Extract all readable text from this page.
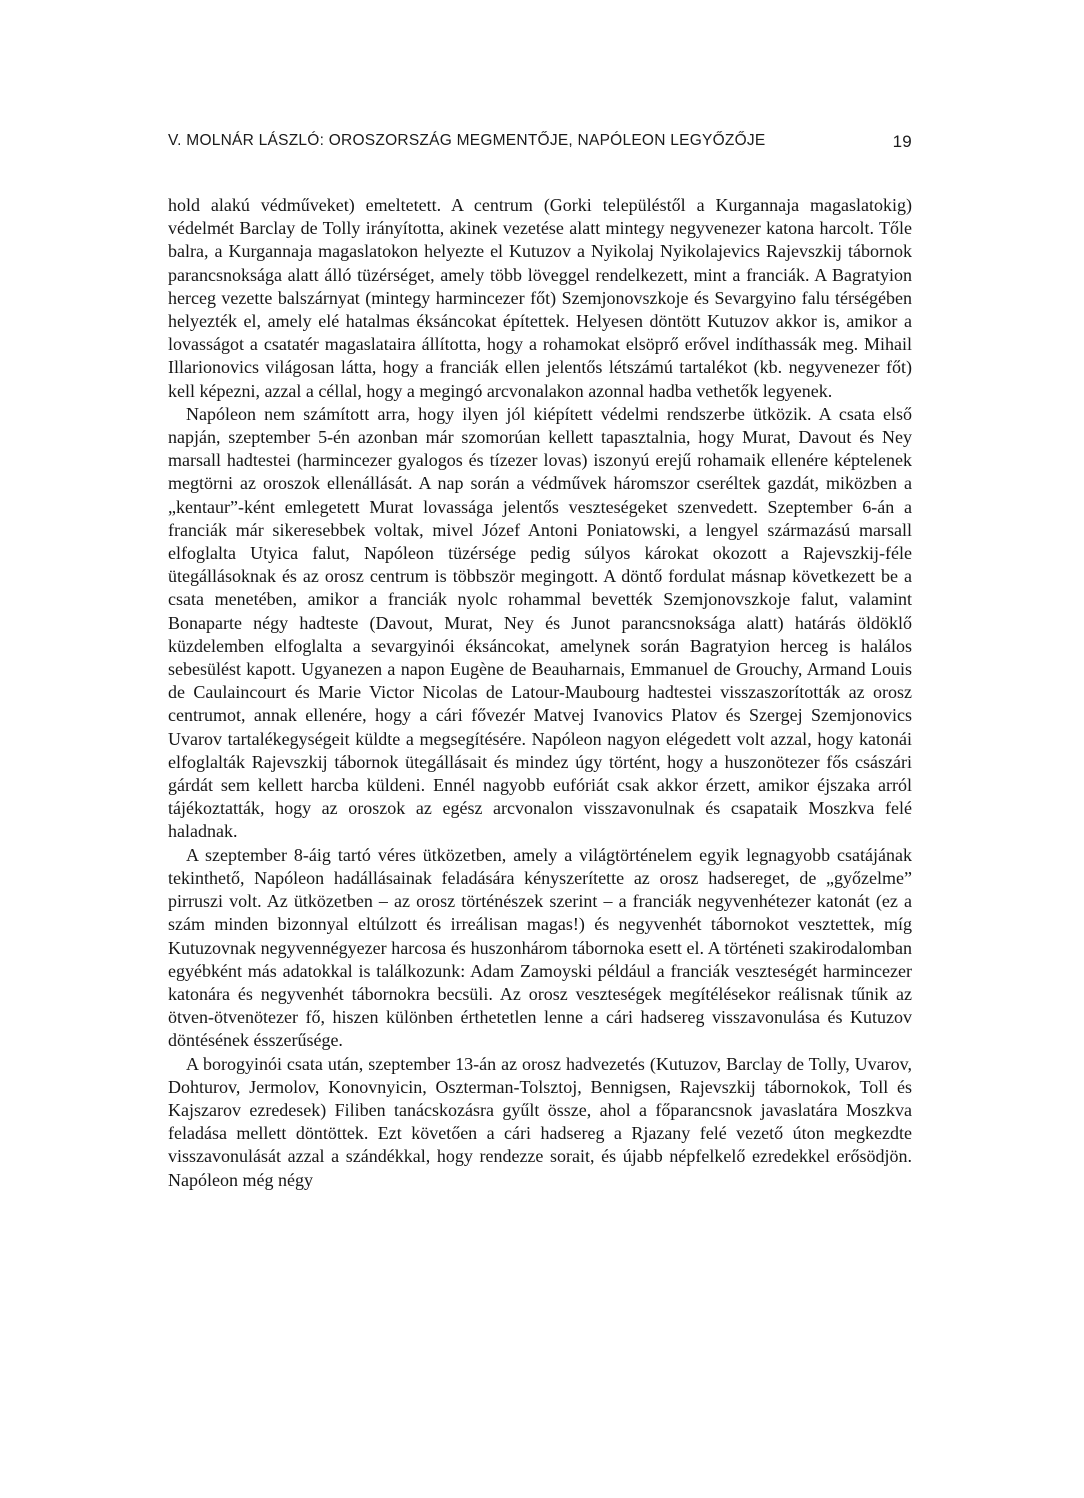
V. MOLNÁR LÁSZLÓ: OROSZORSZÁG MEGMENTŐJE, NAPÓLEON LEGYŐZŐJE	19

hold alakú védműveket) emeltetett. A centrum (Gorki településtől a Kurgannaja magaslatokig) védelmét Barclay de Tolly irányította, akinek vezetése alatt mintegy negyvenezer katona harcolt. Tőle balra, a Kurgannaja magaslatokon helyezte el Kutuzov a Nyikolaj Nyikolajevics Rajevszkij tábornok parancsnoksága alatt álló tüzérséget, amely több löveggel rendelkezett, mint a franciák. A Bagratyion herceg vezette balszárnyat (mintegy harmincezer főt) Szemjonovszkoje és Sevargyino falu térségében helyezték el, amely elé hatalmas éksáncokat építettek. Helyesen döntött Kutuzov akkor is, amikor a lovasságot a csatatér magaslataira állította, hogy a rohamokat elsöprő erővel indíthassák meg. Mihail Illarionovics világosan látta, hogy a franciák ellen jelentős létszámú tartalékot (kb. negyvenezer főt) kell képezni, azzal a céllal, hogy a megingó arcvonalakon azonnal hadba vethetők legyenek.

Napóleon nem számított arra, hogy ilyen jól kiépített védelmi rendszerbe ütközik. A csata első napján, szeptember 5-én azonban már szomorúan kellett tapasztalnia, hogy Murat, Davout és Ney marsall hadtestei (harmincezer gyalogos és tízezer lovas) iszonyú erejű rohamaik ellenére képtelenek megtörni az oroszok ellenállását. A nap során a védművek háromszor cseréltek gazdát, miközben a „kentaur”-ként emlegetett Murat lovassága jelentős veszteségeket szenvedett. Szeptember 6-án a franciák már sikeresebbek voltak, mivel Józef Antoni Poniatowski, a lengyel származású marsall elfoglalta Utyica falut, Napóleon tüzérsége pedig súlyos károkat okozott a Rajevszkij-féle ütegállásoknak és az orosz centrum is többször megingott. A döntő fordulat másnap következett be a csata menetében, amikor a franciák nyolc rohammal bevették Szemjonovszkoje falut, valamint Bonaparte négy hadteste (Davout, Murat, Ney és Junot parancsnoksága alatt) határás öldöklő küzdelemben elfoglalta a sevargyinói éksáncokat, amelynek során Bagratyion herceg is halálos sebesülést kapott. Ugyanezen a napon Eugène de Beauharnais, Emmanuel de Grouchy, Armand Louis de Caulaincourt és Marie Victor Nicolas de Latour-Maubourg hadtestei visszaszorították az orosz centrumot, annak ellenére, hogy a cári fővezér Matvej Ivanovics Platov és Szergej Szemjonovics Uvarov tartalékegységeit küldte a megsegítésére. Napóleon nagyon elégedett volt azzal, hogy katonái elfoglalták Rajevszkij tábornok ütegállásait és mindez úgy történt, hogy a huszonötezer fős császári gárdát sem kellett harcba küldeni. Ennél nagyobb eufóriát csak akkor érzett, amikor éjszaka arról tájékoztatták, hogy az oroszok az egész arcvonalon visszavonulnak és csapataik Moszkva felé haladnak.

A szeptember 8-áig tartó véres ütközetben, amely a világtörténelem egyik legnagyobb csatájának tekinthető, Napóleon hadállásainak feladására kényszerítette az orosz hadsereget, de „győzelme” pirruszi volt. Az ütközetben – az orosz történészek szerint – a franciák negyvenhétezer katonát (ez a szám minden bizonnyal eltúlzott és irreálisan magas!) és negyvenhét tábornokot vesztettek, míg Kutuzovnak negyvennégyezer harcosa és huszonhárom tábornoka esett el. A történeti szakirodalomban egyébként más adatokkal is találkozunk: Adam Zamoyski például a franciák veszteségét harmincezer katonára és negyvenhét tábornokra becsüli. Az orosz veszteségek megítélésekor reálisnak tűnik az ötven-ötvenötezer fő, hiszen különben érthetetlen lenne a cári hadsereg visszavonulása és Kutuzov döntésének ésszerűsége.

A borogyinói csata után, szeptember 13-án az orosz hadvezetés (Kutuzov, Barclay de Tolly, Uvarov, Dohturov, Jermolov, Konovnyicin, Oszterman-Tolsztoj, Bennigsen, Rajevszkij tábornokok, Toll és Kajszarov ezredesek) Filiben tanácskozásra gyűlt össze, ahol a főparancsnok javaslatára Moszkva feladása mellett döntöttek. Ezt követően a cári hadsereg a Rjazany felé vezető úton megkezdte visszavonulását azzal a szándékkal, hogy rendezze sorait, és újabb népfelkelő ezredekkel erősödjön. Napóleon még négy
